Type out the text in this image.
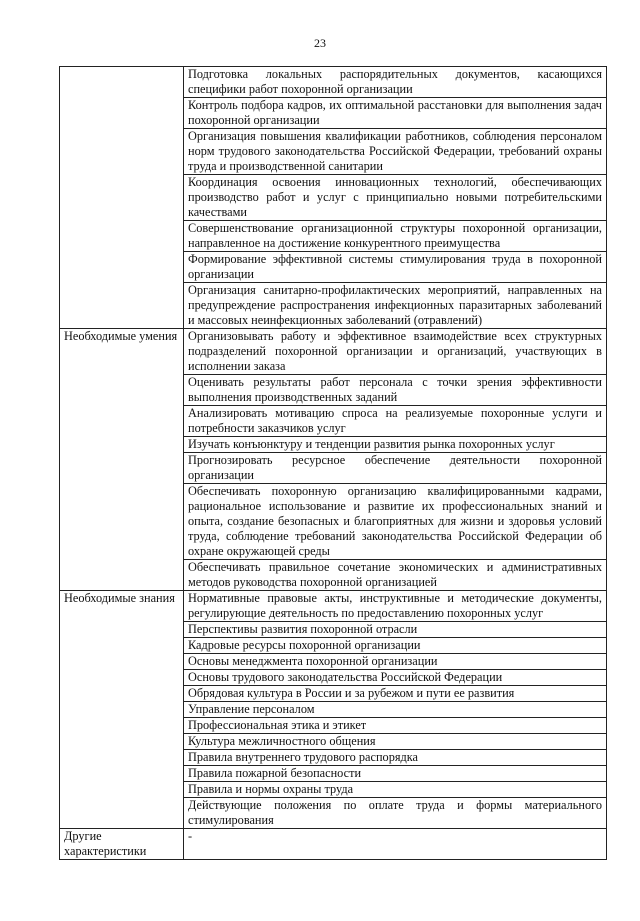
23
	Подготовка локальных распорядительных документов, касающихся специфики работ похоронной организации
	Контроль подбора кадров, их оптимальной расстановки для выполнения задач похоронной организации
	Организация повышения квалификации работников, соблюдения персоналом норм трудового законодательства Российской Федерации, требований охраны труда и производственной санитарии
	Координация освоения инновационных технологий, обеспечивающих производство работ и услуг с принципиально новыми потребительскими качествами
	Совершенствование организационной структуры похоронной организации, направленное на достижение конкурентного преимущества
	Формирование эффективной системы стимулирования труда в похоронной организации
	Организация санитарно-профилактических мероприятий, направленных на предупреждение распространения инфекционных паразитарных заболеваний и массовых неинфекционных заболеваний (отравлений)
Необходимые умения	Организовывать работу и эффективное взаимодействие всех структурных подразделений похоронной организации и организаций, участвующих в исполнении заказа
	Оценивать результаты работ персонала с точки зрения эффективности выполнения производственных заданий
	Анализировать мотивацию спроса на реализуемые похоронные услуги и потребности заказчиков услуг
	Изучать конъюнктуру и тенденции развития рынка похоронных услуг
	Прогнозировать ресурсное обеспечение деятельности похоронной организации
	Обеспечивать похоронную организацию квалифицированными кадрами, рациональное использование и развитие их профессиональных знаний и опыта, создание безопасных и благоприятных для жизни и здоровья условий труда, соблюдение требований законодательства Российской Федерации об охране окружающей среды
	Обеспечивать правильное сочетание экономических и административных методов руководства похоронной организацией
Необходимые знания	Нормативные правовые акты, инструктивные и методические документы, регулирующие деятельность по предоставлению похоронных услуг
	Перспективы развития похоронной отрасли
	Кадровые ресурсы похоронной организации
	Основы менеджмента похоронной организации
	Основы трудового законодательства Российской Федерации
	Обрядовая культура в России и за рубежом и пути ее развития
	Управление персоналом
	Профессиональная этика и этикет
	Культура межличностного общения
	Правила внутреннего трудового распорядка
	Правила пожарной безопасности
	Правила и нормы охраны труда
	Действующие положения по оплате труда и формы материального стимулирования
Другие характеристики	-
